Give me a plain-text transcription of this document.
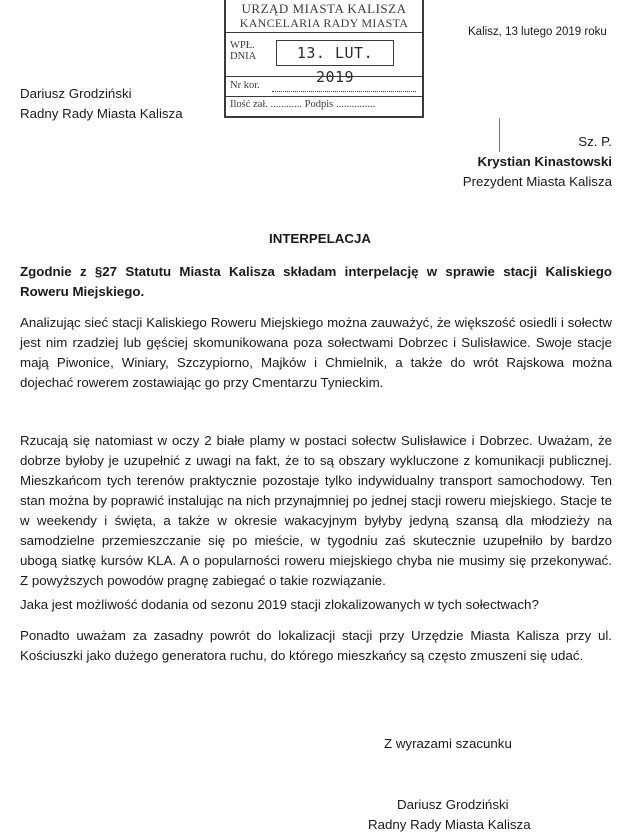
URZĄD MIASTA KALISZA
KANCELARIA RADY MIASTA
WPŁ.
DNIA	13. LUT. 2019
Nr kor.
Ilość zał. ............ Podpis ...............
Kalisz, 13 lutego 2019 roku
Dariusz Grodziński
Radny Rady Miasta Kalisza
Sz. P.
Krystian Kinastowski
Prezydent Miasta Kalisza
INTERPELACJA
Zgodnie z §27 Statutu Miasta Kalisza składam interpelację w sprawie stacji Kaliskiego Roweru Miejskiego.
Analizując sieć stacji Kaliskiego Roweru Miejskiego można zauważyć, że większość osiedli i sołectw jest nim rzadziej lub gęściej skomunikowana poza sołectwami Dobrzec i Sulisławice. Swoje stacje mają Piwonice, Winiary, Szczypiorno, Majków i Chmielnik, a także do wrót Rajskowa można dojechać rowerem zostawiając go przy Cmentarzu Tynieckim.
Rzucają się natomiast w oczy 2 białe plamy w postaci sołectw Sulisławice i Dobrzec. Uważam, że dobrze byłoby je uzupełnić z uwagi na fakt, że to są obszary wykluczone z komunikacji publicznej. Mieszkańcom tych terenów praktycznie pozostaje tylko indywidualny transport samochodowy. Ten stan można by poprawić instalując na nich przynajmniej po jednej stacji roweru miejskiego. Stacje te w weekendy i święta, a także w okresie wakacyjnym byłyby jedyną szansą dla młodzieży na samodzielne przemieszczanie się po mieście, w tygodniu zaś skutecznie uzupełniło by bardzo ubogą siatkę kursów KLA. A o popularności roweru miejskiego chyba nie musimy się przekonywać. Z powyższych powodów pragnę zabiegać o takie rozwiązanie.
Jaka jest możliwość dodania od sezonu 2019 stacji zlokalizowanych w tych sołectwach?
Ponadto uważam za zasadny powrót do lokalizacji stacji przy Urzędzie Miasta Kalisza przy ul. Kościuszki jako dużego generatora ruchu, do którego mieszkańcy są często zmuszeni się udać.
Z wyrazami szacunku
Dariusz Grodziński
Radny Rady Miasta Kalisza
